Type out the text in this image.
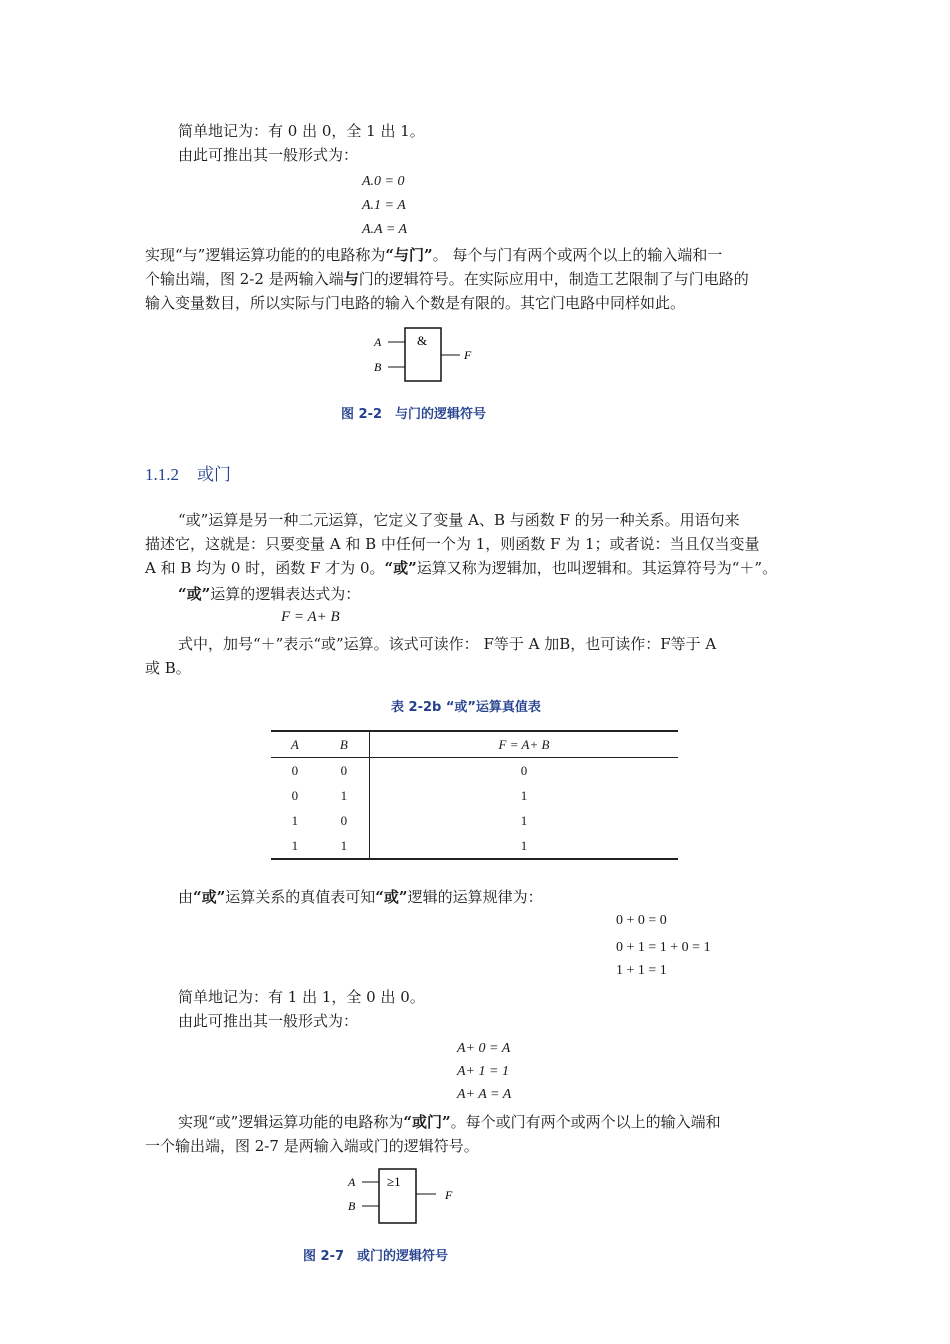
简单地记为：有 0 出 0，全 1 出 1。
由此可推出其一般形式为：
A.0 = 0
A.1 = A
A.A = A
实现“与”逻辑运算功能的的电路称为“与门”。 每个与门有两个或两个以上的输入端和一
个输出端，图 2-2 是两输入端与门的逻辑符号。在实际应用中，制造工艺限制了与门电路的
输入变量数目，所以实际与门电路的输入个数是有限的。其它门电路中同样如此。
&
A
B
F
图 2-2　与门的逻辑符号
1.1.2 或门
“或”运算是另一种二元运算，它定义了变量 A、B 与函数 F 的另一种关系。用语句来
描述它，这就是：只要变量 A 和 B 中任何一个为 1，则函数 F 为 1；或者说：当且仅当变量
A 和 B 均为 0 时，函数 F 才为 0。“或”运算又称为逻辑加，也叫逻辑和。其运算符号为“＋”。
“或”运算的逻辑表达式为：
F = A+ B
式中，加号“＋”表示“或”运算。该式可读作： F等于 A 加B，也可读作：F等于 A
或 B。
表 2-2b “或”运算真值表
A	B	F = A+ B
0	0	0
0	1	1
1	0	1
1	1	1
由“或”运算关系的真值表可知“或”逻辑的运算规律为：
0 + 0 = 0
0 + 1 = 1 + 0 = 1
1 + 1 = 1
简单地记为：有 1 出 1，全 0 出 0。
由此可推出其一般形式为：
A+ 0 = A
A+ 1 = 1
A+ A = A
实现“或”逻辑运算功能的电路称为“或门”。每个或门有两个或两个以上的输入端和
一个输出端，图 2-7 是两输入端或门的逻辑符号。
≥1
A
B
F
图 2-7　或门的逻辑符号
